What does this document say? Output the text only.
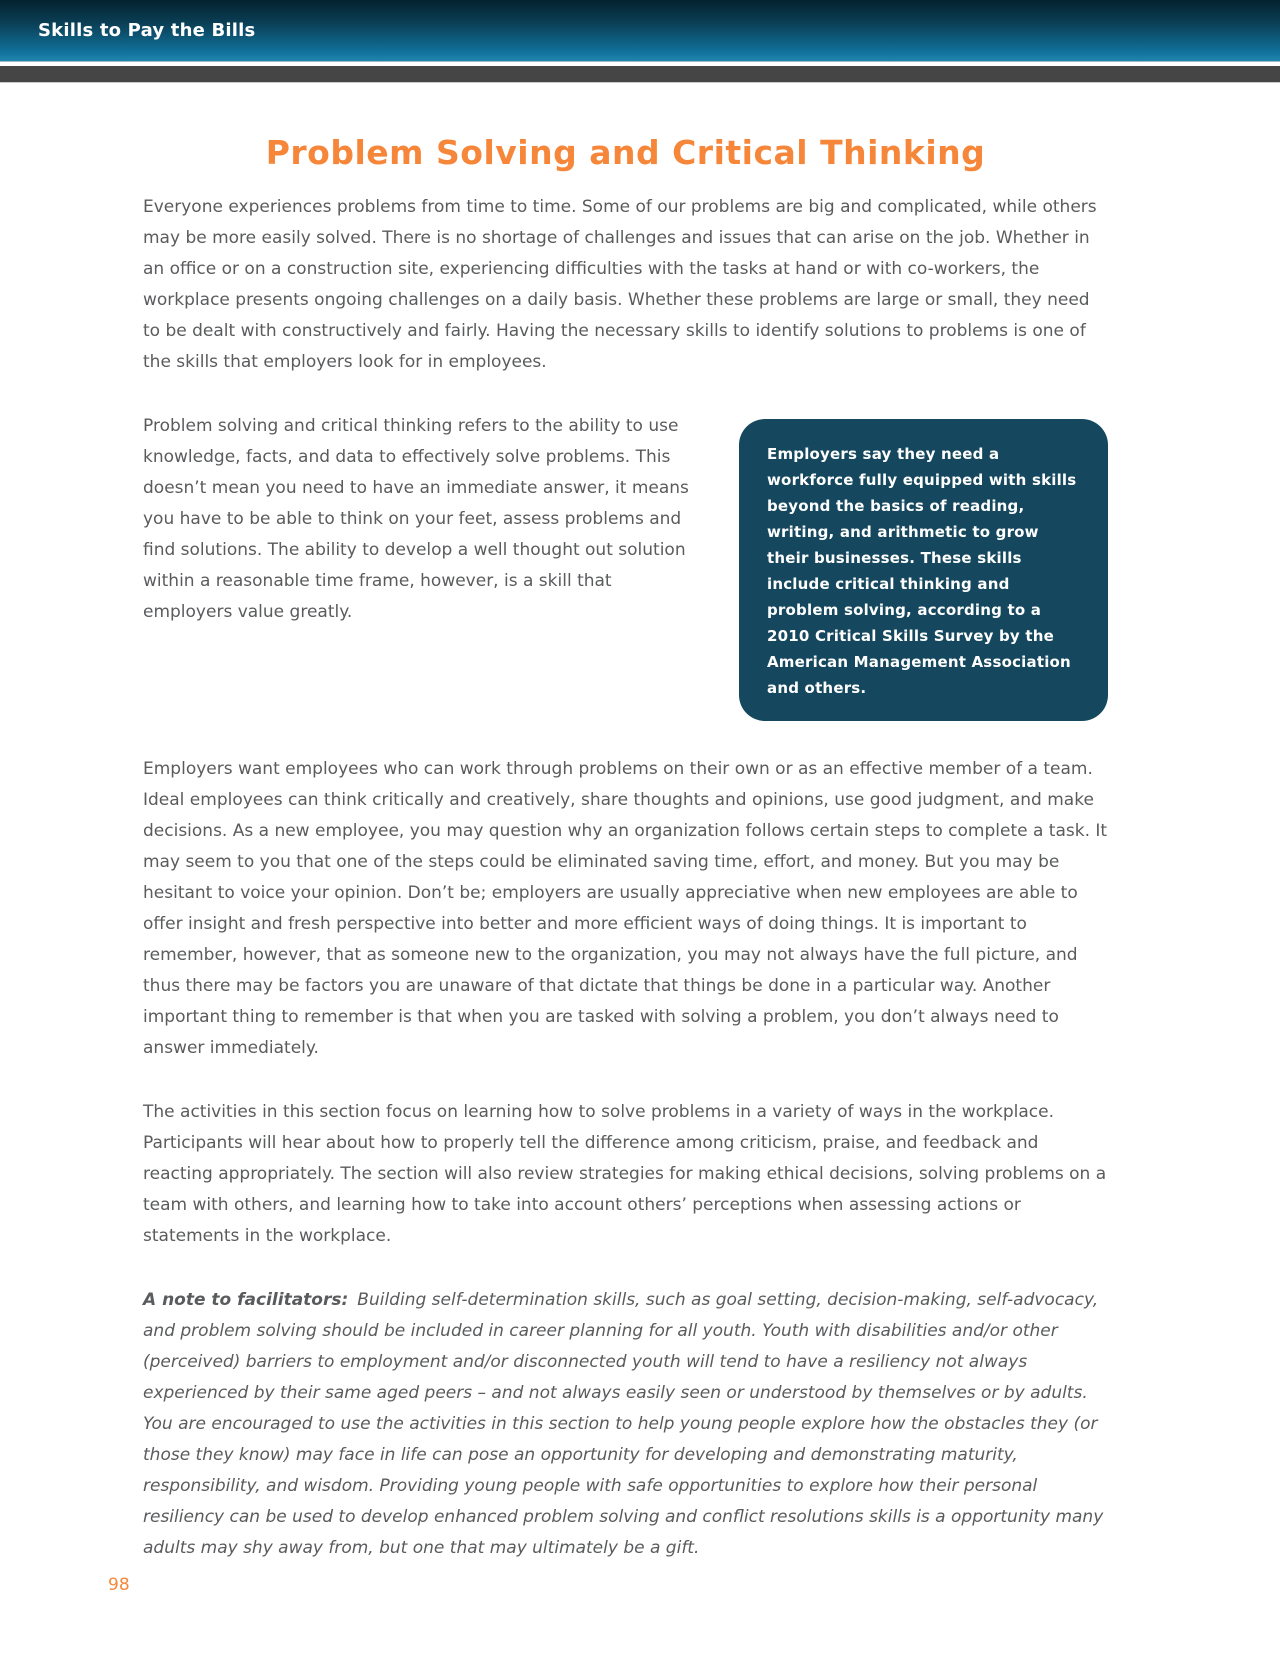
Skills to Pay the Bills
Problem Solving and Critical Thinking

Everyone experiences problems from time to time. Some of our problems are big and complicated, while others may be more easily solved. There is no shortage of challenges and issues that can arise on the job. Whether in an office or on a construction site, experiencing difficulties with the tasks at hand or with co-workers, the workplace presents ongoing challenges on a daily basis. Whether these problems are large or small, they need to be dealt with constructively and fairly. Having the necessary skills to identify solutions to problems is one of the skills that employers look for in employees.

Problem solving and critical thinking refers to the ability to use knowledge, facts, and data to effectively solve problems. This doesn’t mean you need to have an immediate answer, it means you have to be able to think on your feet, assess problems and find solutions. The ability to develop a well thought out solution within a reasonable time frame, however, is a skill that employers value greatly.

Employers say they need a workforce fully equipped with skills beyond the basics of reading, writing, and arithmetic to grow their businesses. These skills include critical thinking and problem solving, according to a 2010 Critical Skills Survey by the American Management Association and others.

Employers want employees who can work through problems on their own or as an effective member of a team. Ideal employees can think critically and creatively, share thoughts and opinions, use good judgment, and make decisions. As a new employee, you may question why an organization follows certain steps to complete a task. It may seem to you that one of the steps could be eliminated saving time, effort, and money. But you may be hesitant to voice your opinion. Don’t be; employers are usually appreciative when new employees are able to offer insight and fresh perspective into better and more efficient ways of doing things. It is important to remember, however, that as someone new to the organization, you may not always have the full picture, and thus there may be factors you are unaware of that dictate that things be done in a particular way. Another important thing to remember is that when you are tasked with solving a problem, you don’t always need to answer immediately.

The activities in this section focus on learning how to solve problems in a variety of ways in the workplace. Participants will hear about how to properly tell the difference among criticism, praise, and feedback and reacting appropriately. The section will also review strategies for making ethical decisions, solving problems on a team with others, and learning how to take into account others’ perceptions when assessing actions or statements in the workplace.

A note to facilitators: Building self-determination skills, such as goal setting, decision-making, self-advocacy, and problem solving should be included in career planning for all youth. Youth with disabilities and/or other (perceived) barriers to employment and/or disconnected youth will tend to have a resiliency not always experienced by their same aged peers – and not always easily seen or understood by themselves or by adults. You are encouraged to use the activities in this section to help young people explore how the obstacles they (or those they know) may face in life can pose an opportunity for developing and demonstrating maturity, responsibility, and wisdom. Providing young people with safe opportunities to explore how their personal resiliency can be used to develop enhanced problem solving and conflict resolutions skills is a opportunity many adults may shy away from, but one that may ultimately be a gift.

98
